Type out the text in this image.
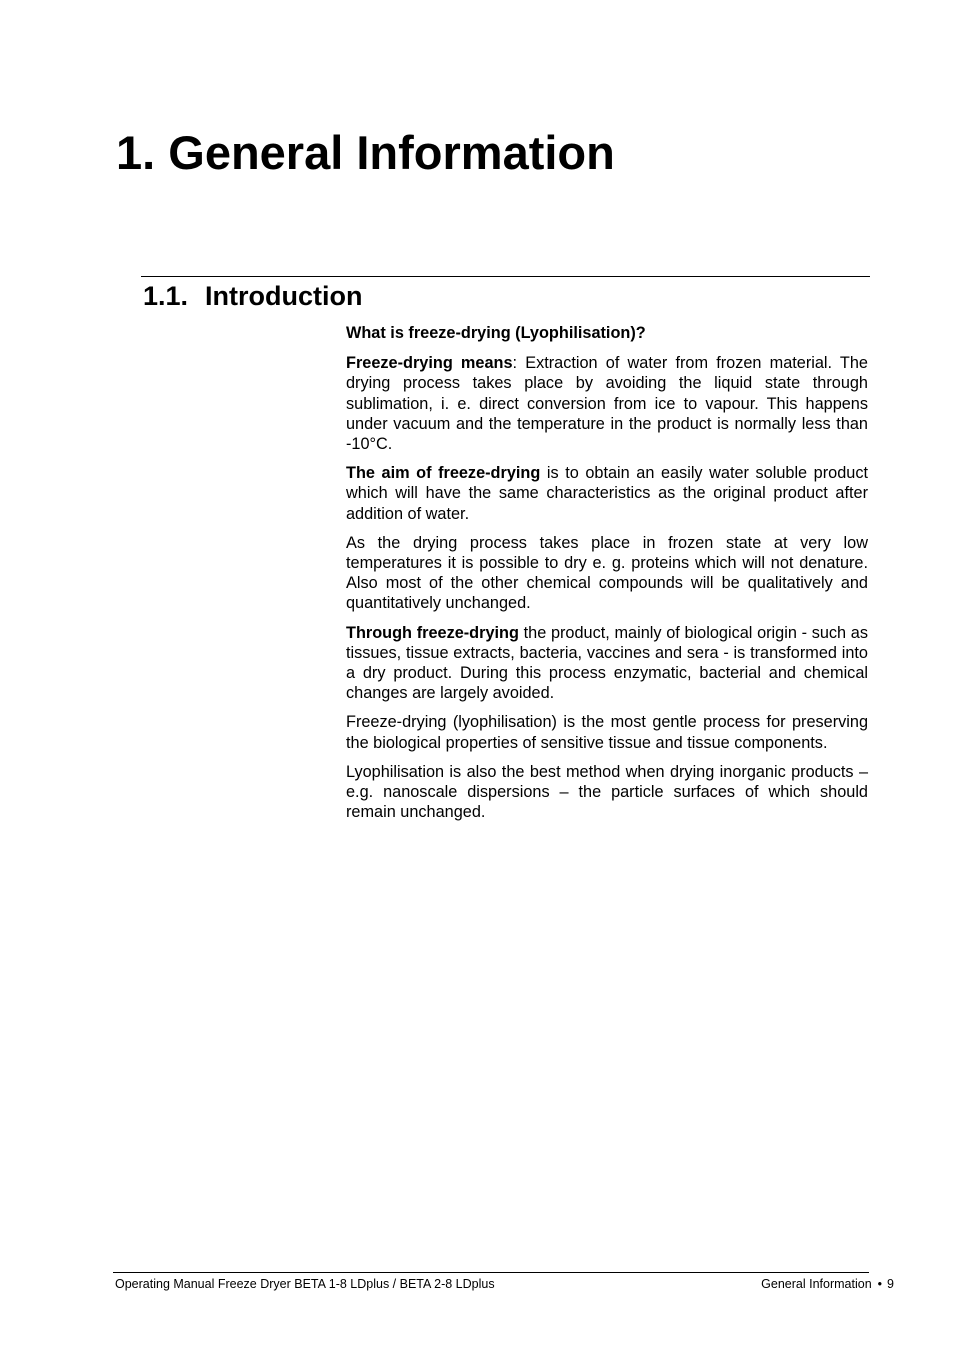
1. General Information
1.1. Introduction

What is freeze-drying (Lyophilisation)?

Freeze-drying means: Extraction of water from frozen material. The drying process takes place by avoiding the liquid state through sublimation, i. e. direct conversion from ice to vapour. This happens under vacuum and the temperature in the product is normally less than -10°C.

The aim of freeze-drying is to obtain an easily water soluble product which will have the same characteristics as the original product after addition of water.

As the drying process takes place in frozen state at very low temperatures it is possible to dry e. g. proteins which will not denature. Also most of the other chemical compounds will be qualitatively and quantitatively unchanged.

Through freeze-drying the product, mainly of biological origin - such as tissues, tissue extracts, bacteria, vaccines and sera - is transformed into a dry product. During this process enzymatic, bacterial and chemical changes are largely avoided.

Freeze-drying (lyophilisation) is the most gentle process for preserving the biological properties of sensitive tissue and tissue components.

Lyophilisation is also the best method when drying inorganic products – e.g. nanoscale dispersions – the particle surfaces of which should remain unchanged.

Operating Manual Freeze Dryer BETA 1-8 LDplus / BETA 2-8 LDplus	General Information • 9
